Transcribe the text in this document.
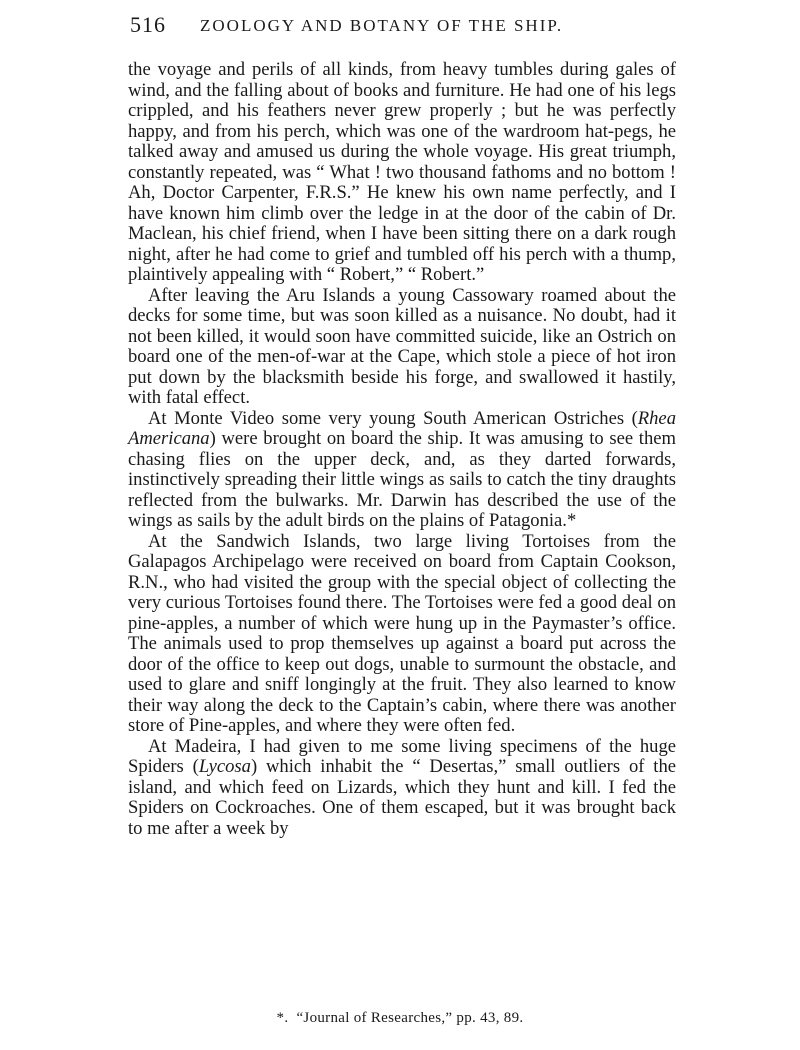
516 ZOOLOGY AND BOTANY OF THE SHIP.

the voyage and perils of all kinds, from heavy tumbles during gales of wind, and the falling about of books and furniture. He had one of his legs crippled, and his feathers never grew properly ; but he was perfectly happy, and from his perch, which was one of the wardroom hat-pegs, he talked away and amused us during the whole voyage. His great triumph, constantly repeated, was “ What ! two thousand fathoms and no bottom ! Ah, Doctor Carpenter, F.R.S.” He knew his own name perfectly, and I have known him climb over the ledge in at the door of the cabin of Dr. Maclean, his chief friend, when I have been sitting there on a dark rough night, after he had come to grief and tumbled off his perch with a thump, plaintively appealing with “ Robert,” “ Robert.”

After leaving the Aru Islands a young Cassowary roamed about the decks for some time, but was soon killed as a nuisance. No doubt, had it not been killed, it would soon have committed suicide, like an Ostrich on board one of the men-of-war at the Cape, which stole a piece of hot iron put down by the blacksmith beside his forge, and swallowed it hastily, with fatal effect.

At Monte Video some very young South American Ostriches (Rhea Americana) were brought on board the ship. It was amusing to see them chasing flies on the upper deck, and, as they darted forwards, instinctively spreading their little wings as sails to catch the tiny draughts reflected from the bulwarks. Mr. Darwin has described the use of the wings as sails by the adult birds on the plains of Patagonia.*

At the Sandwich Islands, two large living Tortoises from the Galapagos Archipelago were received on board from Captain Cookson, R.N., who had visited the group with the special object of collecting the very curious Tortoises found there. The Tortoises were fed a good deal on pine-apples, a number of which were hung up in the Paymaster’s office. The animals used to prop themselves up against a board put across the door of the office to keep out dogs, unable to surmount the obstacle, and used to glare and sniff longingly at the fruit. They also learned to know their way along the deck to the Captain’s cabin, where there was another store of Pine-apples, and where they were often fed.

At Madeira, I had given to me some living specimens of the huge Spiders (Lycosa) which inhabit the “ Desertas,” small outliers of the island, and which feed on Lizards, which they hunt and kill. I fed the Spiders on Cockroaches. One of them escaped, but it was brought back to me after a week by

*. “Journal of Researches,” pp. 43, 89.
